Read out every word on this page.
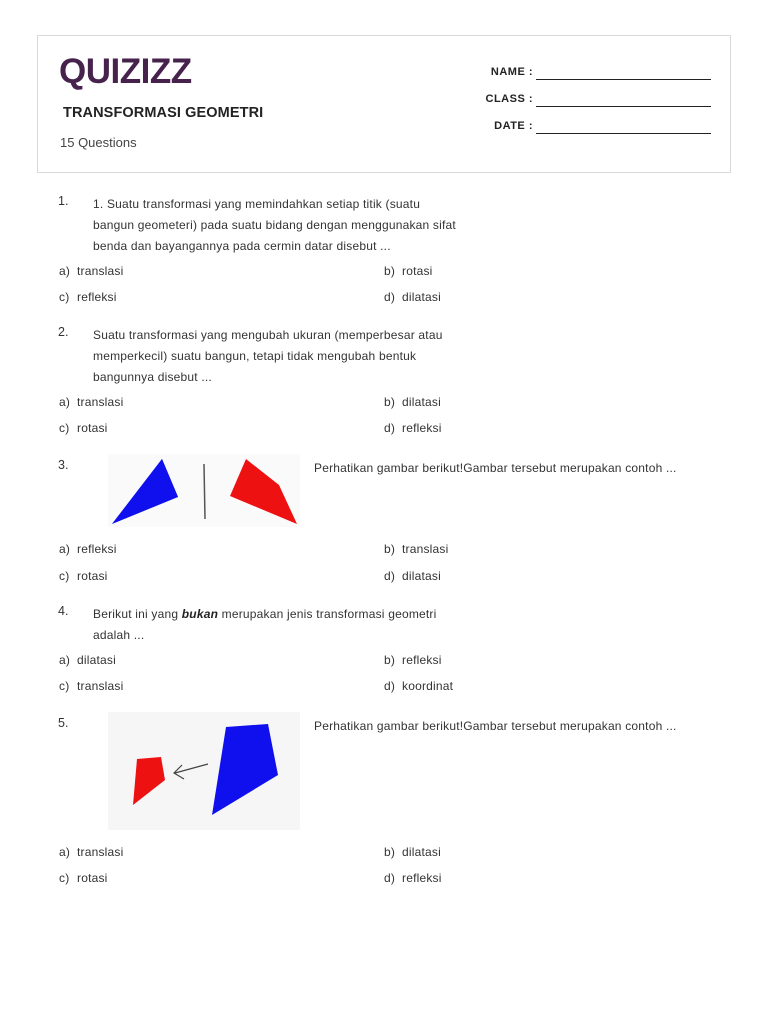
QUIZIZZ
TRANSFORMASI GEOMETRI
15 Questions
NAME :
CLASS :
DATE :
1. 1. Suatu transformasi yang memindahkan setiap titik (suatu
bangun geometeri) pada suatu bidang dengan menggunakan sifat
benda dan bayangannya pada cermin datar disebut ...
a) translasi	b) rotasi
c) refleksi	d) dilatasi
2. Suatu transformasi yang mengubah ukuran (memperbesar atau
memperkecil) suatu bangun, tetapi tidak mengubah bentuk
bangunnya disebut ...
a) translasi	b) dilatasi
c) rotasi	d) refleksi
3.	Perhatikan gambar berikut!Gambar tersebut merupakan contoh ...
a) refleksi	b) translasi
c) rotasi	d) dilatasi
4. Berikut ini yang bukan merupakan jenis transformasi geometri
adalah ...
a) dilatasi	b) refleksi
c) translasi	d) koordinat
5.	Perhatikan gambar berikut!Gambar tersebut merupakan contoh ...
a) translasi	b) dilatasi
c) rotasi	d) refleksi
